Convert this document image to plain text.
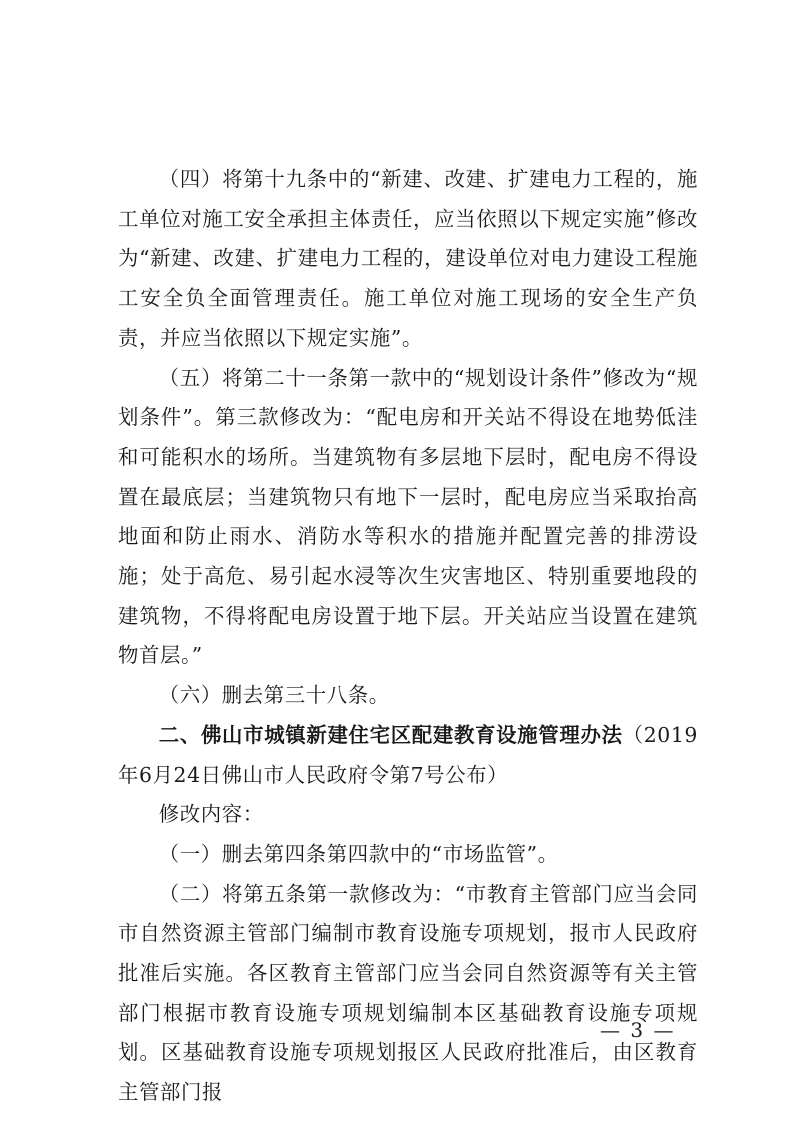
（四）将第十九条中的“新建、改建、扩建电力工程的，施工单位对施工安全承担主体责任，应当依照以下规定实施”修改为“新建、改建、扩建电力工程的，建设单位对电力建设工程施工安全负全面管理责任。施工单位对施工现场的安全生产负责，并应当依照以下规定实施”。

（五）将第二十一条第一款中的“规划设计条件”修改为“规划条件”。第三款修改为：“配电房和开关站不得设在地势低洼和可能积水的场所。当建筑物有多层地下层时，配电房不得设置在最底层；当建筑物只有地下一层时，配电房应当采取抬高地面和防止雨水、消防水等积水的措施并配置完善的排涝设施；处于高危、易引起水浸等次生灾害地区、特别重要地段的建筑物，不得将配电房设置于地下层。开关站应当设置在建筑物首层。”

（六）删去第三十八条。

二、佛山市城镇新建住宅区配建教育设施管理办法（2019年6月24日佛山市人民政府令第7号公布）

修改内容：

（一）删去第四条第四款中的“市场监管”。

（二）将第五条第一款修改为：“市教育主管部门应当会同市自然资源主管部门编制市教育设施专项规划，报市人民政府批准后实施。各区教育主管部门应当会同自然资源等有关主管部门根据市教育设施专项规划编制本区基础教育设施专项规划。区基础教育设施专项规划报区人民政府批准后，由区教育主管部门报

— 3 —
